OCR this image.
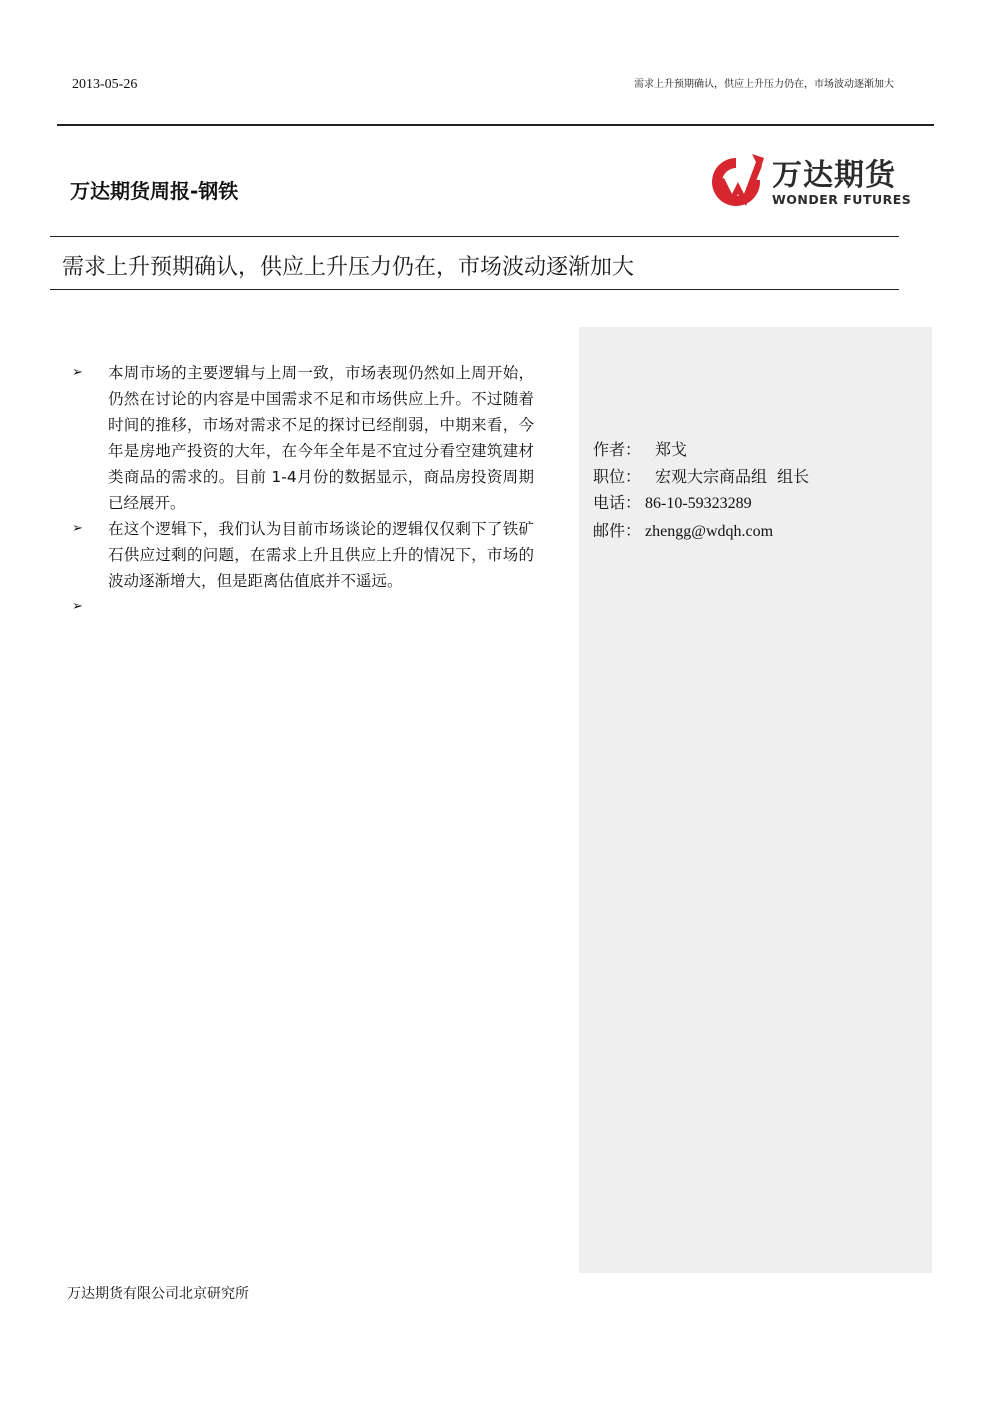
2013-05-26	需求上升预期确认，供应上升压力仍在，市场波动逐渐加大
万达期货周报-钢铁	万达期货
WONDER FUTURES
需求上升预期确认，供应上升压力仍在，市场波动逐渐加大
➢ 本周市场的主要逻辑与上周一致，市场表现仍然如上周开始，仍然在讨论的内容是中国需求不足和市场供应上升。不过随着时间的推移，市场对需求不足的探讨已经削弱，中期来看，今年是房地产投资的大年，在今年全年是不宜过分看空建筑建材类商品的需求的。目前 1-4月份的数据显示，商品房投资周期已经展开。
➢ 在这个逻辑下，我们认为目前市场谈论的逻辑仅仅剩下了铁矿石供应过剩的问题，在需求上升且供应上升的情况下，市场的波动逐渐增大，但是距离估值底并不遥远。
➢

作者： 郑戈
职位： 宏观大宗商品组  组长
电话： 86-10-59323289
邮件： zhengg@wdqh.com
万达期货有限公司北京研究所
